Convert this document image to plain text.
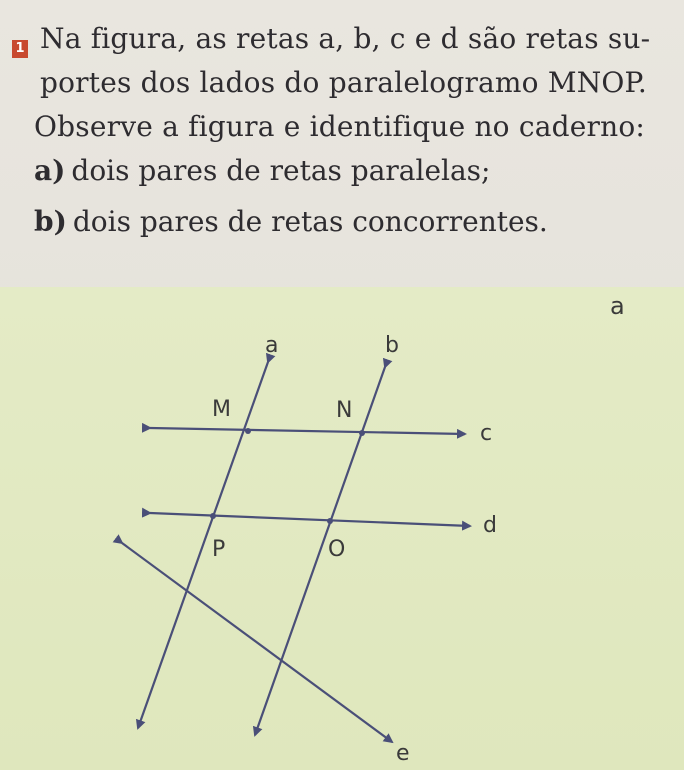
1 Na figura, as retas a, b, c e d são retas su-
portes dos lados do paralelogramo MNOP.
Observe a figura e identifique no caderno:
a) dois pares de retas paralelas;
b) dois pares de retas concorrentes.
a
a	b
c
d
e
M	N
P	O
